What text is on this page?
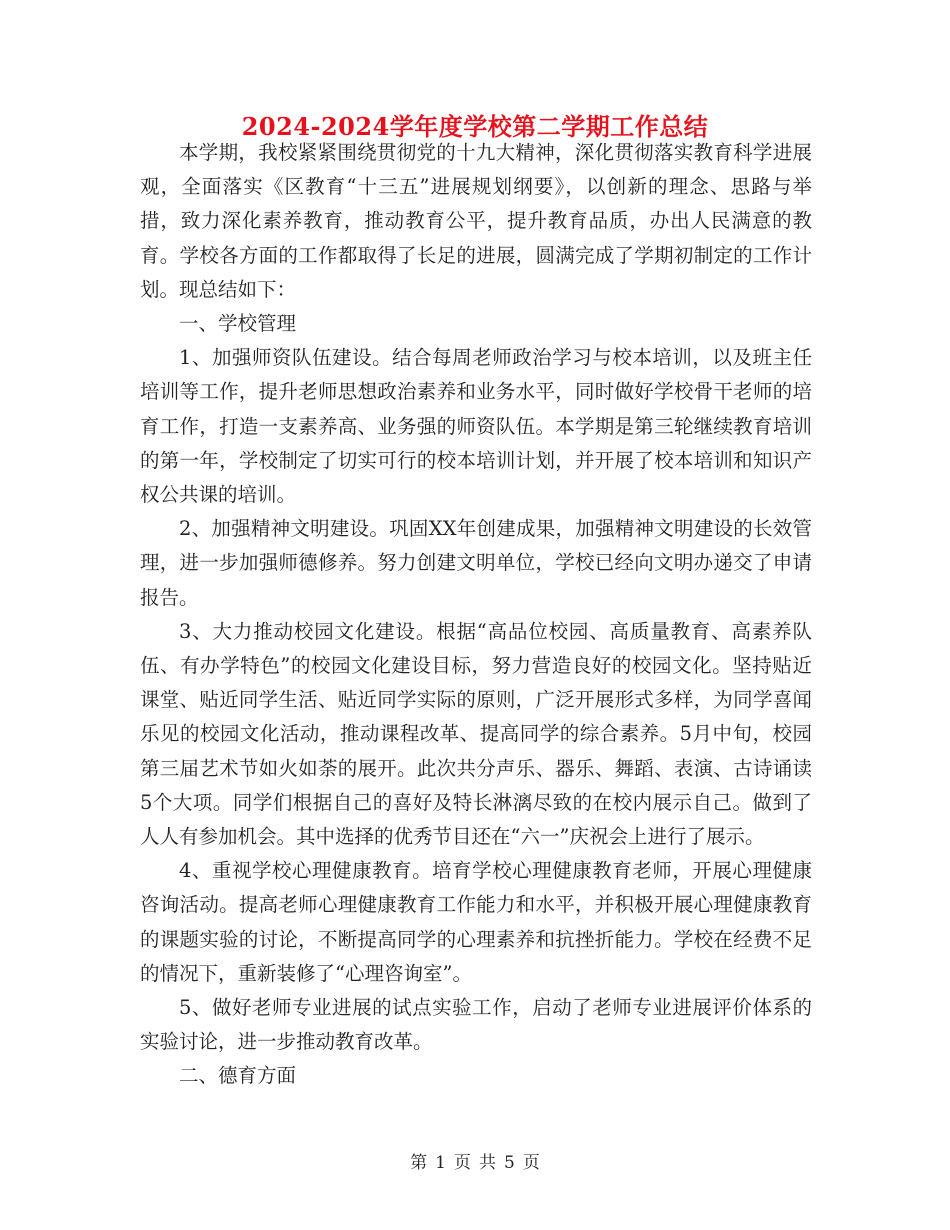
2024-2024学年度学校第二学期工作总结

本学期，我校紧紧围绕贯彻党的十九大精神，深化贯彻落实教育科学进展观，全面落实《区教育“十三五”进展规划纲要》，以创新的理念、思路与举措，致力深化素养教育，推动教育公平，提升教育品质，办出人民满意的教育。学校各方面的工作都取得了长足的进展，圆满完成了学期初制定的工作计划。现总结如下：

一、学校管理

1、加强师资队伍建设。结合每周老师政治学习与校本培训，以及班主任培训等工作，提升老师思想政治素养和业务水平，同时做好学校骨干老师的培育工作，打造一支素养高、业务强的师资队伍。本学期是第三轮继续教育培训的第一年，学校制定了切实可行的校本培训计划，并开展了校本培训和知识产权公共课的培训。

2、加强精神文明建设。巩固XX年创建成果，加强精神文明建设的长效管理，进一步加强师德修养。努力创建文明单位，学校已经向文明办递交了申请报告。

3、大力推动校园文化建设。根据“高品位校园、高质量教育、高素养队伍、有办学特色”的校园文化建设目标，努力营造良好的校园文化。坚持贴近课堂、贴近同学生活、贴近同学实际的原则，广泛开展形式多样，为同学喜闻乐见的校园文化活动，推动课程改革、提高同学的综合素养。5月中旬，校园第三届艺术节如火如荼的展开。此次共分声乐、器乐、舞蹈、表演、古诗诵读5个大项。同学们根据自己的喜好及特长淋漓尽致的在校内展示自己。做到了人人有参加机会。其中选择的优秀节目还在“六一”庆祝会上进行了展示。

4、重视学校心理健康教育。培育学校心理健康教育老师，开展心理健康咨询活动。提高老师心理健康教育工作能力和水平，并积极开展心理健康教育的课题实验的讨论，不断提高同学的心理素养和抗挫折能力。学校在经费不足的情况下，重新装修了“心理咨询室”。

5、做好老师专业进展的试点实验工作，启动了老师专业进展评价体系的实验讨论，进一步推动教育改革。

二、德育方面

第 1 页 共 5 页
